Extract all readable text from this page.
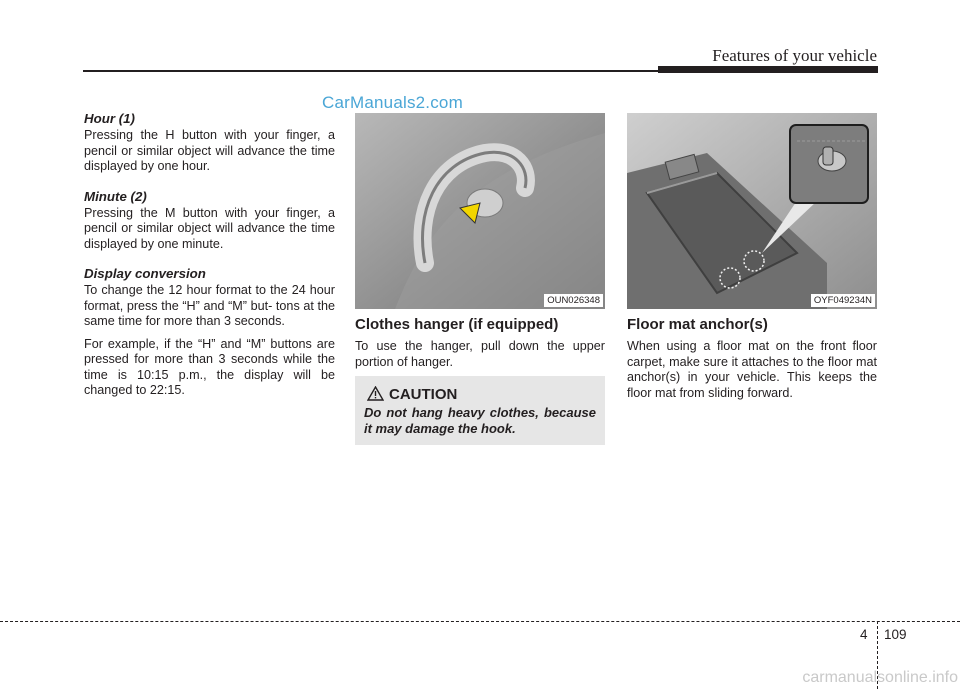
Features of your vehicle
CarManuals2.com
Hour (1)

Pressing the H button with your finger, a pencil or similar object will advance the time displayed by one hour.

Minute (2)

Pressing the M button with your finger, a pencil or similar object will advance the time displayed by one minute.

Display conversion

To change the 12 hour format to the 24 hour format, press the “H” and “M” but- tons at the same time for more than 3 seconds.

For example, if the “H” and “M” buttons are pressed for more than 3 seconds while the time is 10:15 p.m., the display will be changed to 22:15.

OUN026348
Clothes hanger (if equipped)

To use the hanger, pull down the upper portion of hanger.

CAUTION
Do not hang heavy clothes, because it may damage the hook.
OYF049234N
Floor mat anchor(s)

When using a floor mat on the front floor carpet, make sure it attaches to the floor mat anchor(s) in your vehicle. This keeps the floor mat from sliding forward.

4 109
carmanualsonline.info
